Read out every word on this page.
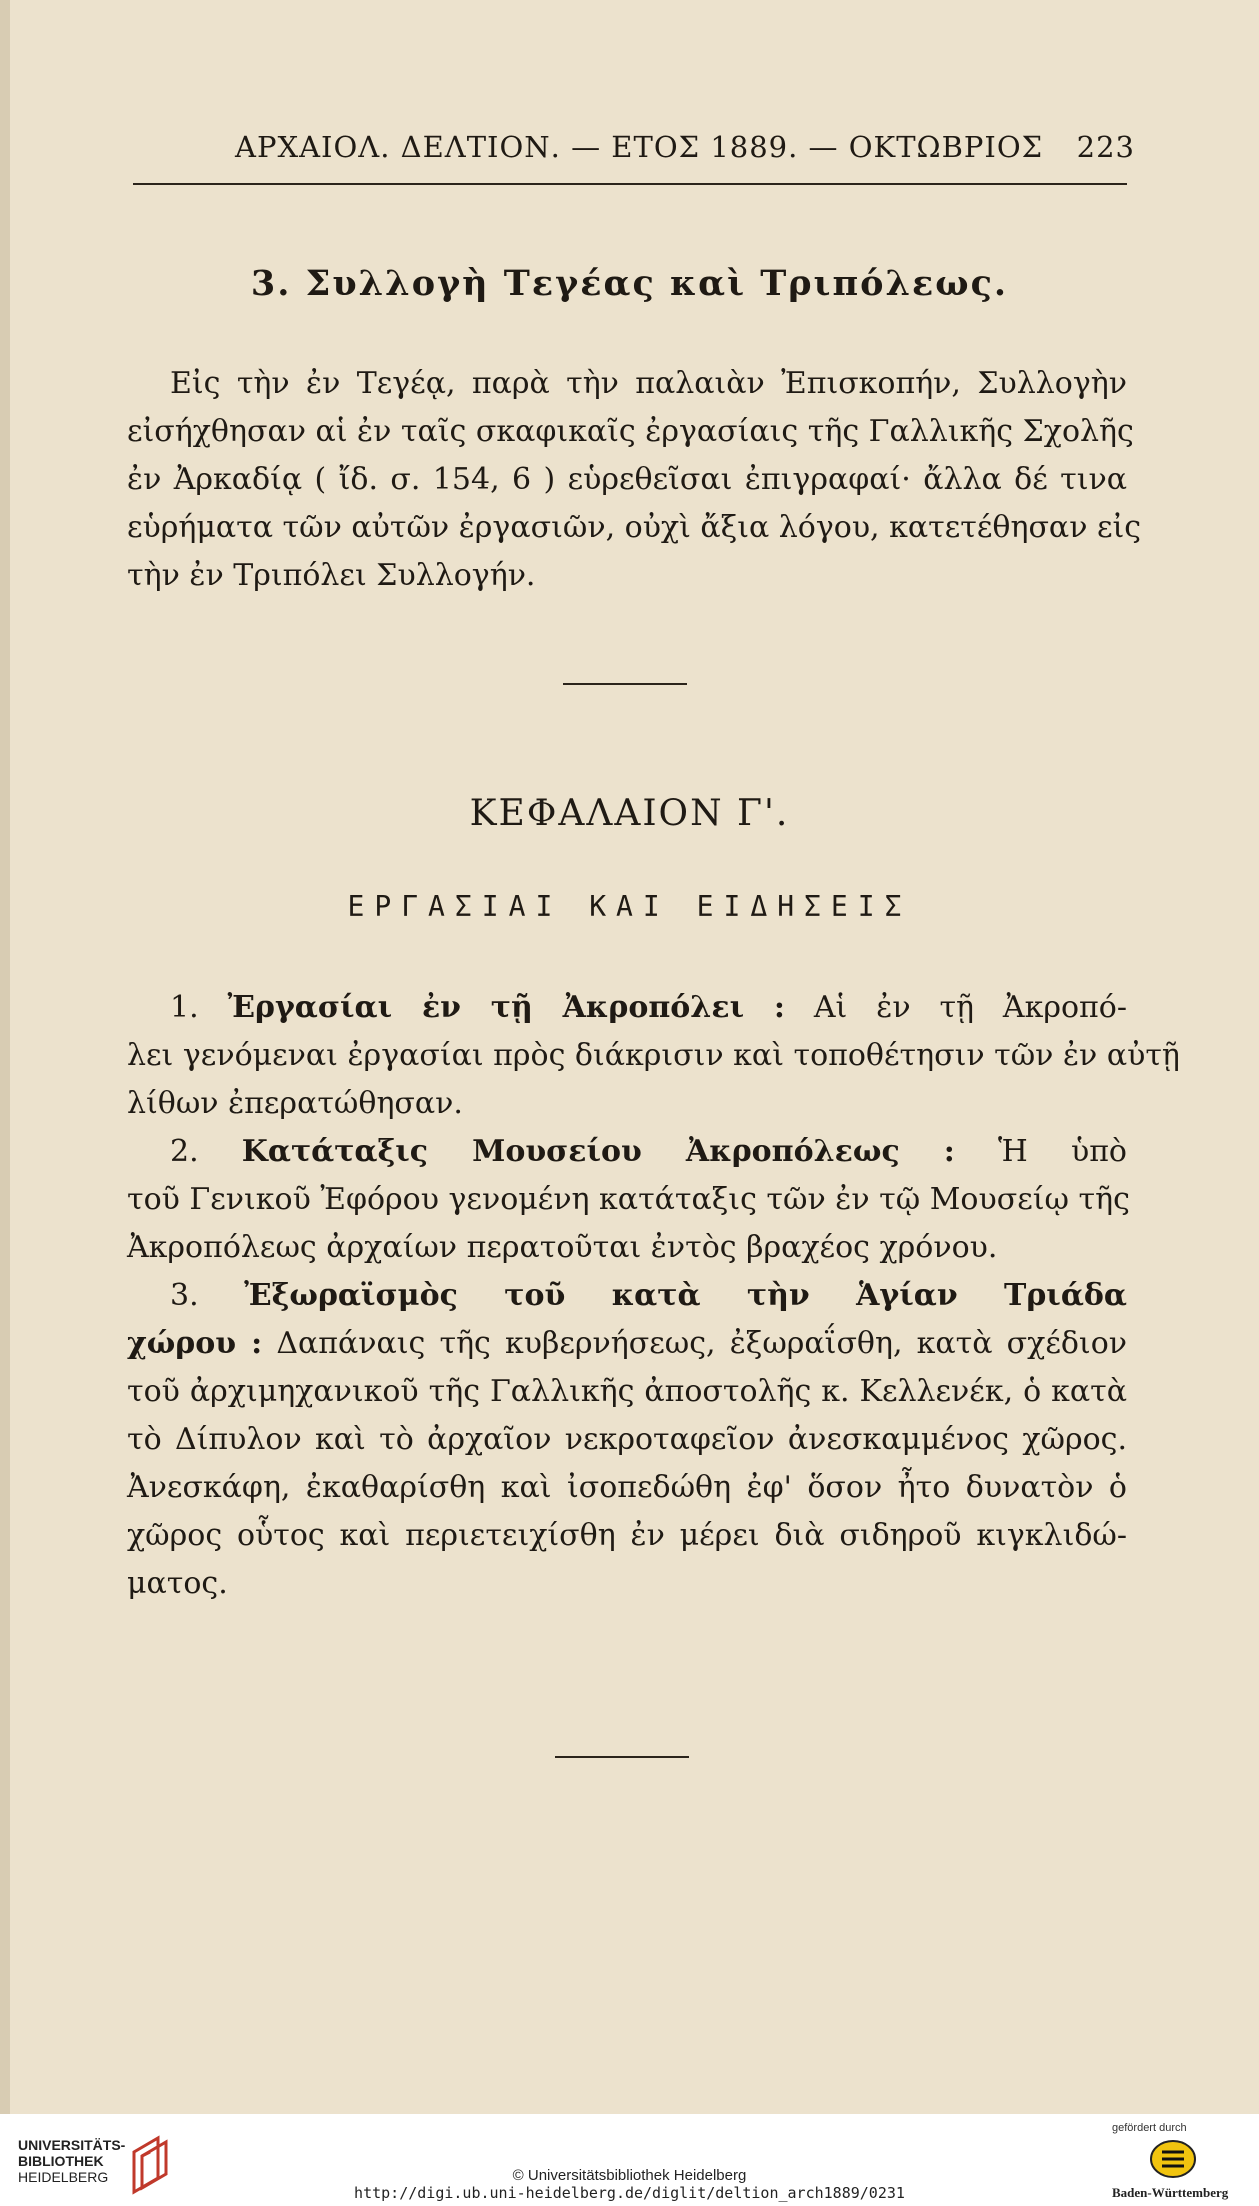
ΑΡΧΑΙΟΛ. ΔΕΛΤΙΟΝ. — ΕΤΟΣ 1889. — ΟΚΤΩΒΡΙΟΣ 223
3. Συλλογὴ Τεγέας καὶ Τριπόλεως.
Εἰς τὴν ἐν Τεγέᾳ, παρὰ τὴν παλαιὰν Ἐπισκοπήν, Συλλογὴν
εἰσήχθησαν αἱ ἐν ταῖς σκαφικαῖς ἐργασίαις τῆς Γαλλικῆς Σχολῆς
ἐν Ἀρκαδίᾳ ( ἴδ. σ. 154, 6 ) εὑρεθεῖσαι ἐπιγραφαί· ἄλλα δέ τινα
εὑρήματα τῶν αὐτῶν ἐργασιῶν, οὐχὶ ἄξια λόγου, κατετέθησαν εἰς
τὴν ἐν Τριπόλει Συλλογήν.
ΚΕΦΑΛΑΙΟΝ Γ'.
ΕΡΓΑΣΙΑΙ ΚΑΙ ΕΙΔΗΣΕΙΣ
1. Ἐργασίαι ἐν τῇ Ἀκροπόλει : Αἱ ἐν τῇ Ἀκροπό-
λει γενόμεναι ἐργασίαι πρὸς διάκρισιν καὶ τοποθέτησιν τῶν ἐν αὐτῇ
λίθων ἐπερατώθησαν.
2. Κατάταξις Μουσείου Ἀκροπόλεως : Ἡ ὑπὸ
τοῦ Γενικοῦ Ἐφόρου γενομένη κατάταξις τῶν ἐν τῷ Μουσείῳ τῆς
Ἀκροπόλεως ἀρχαίων περατοῦται ἐντὸς βραχέος χρόνου.
3. Ἐξωραϊσμὸς τοῦ κατὰ τὴν Ἁγίαν Τριάδα
χώρου : Δαπάναις τῆς κυβερνήσεως, ἐξωραΐσθη, κατὰ σχέδιον
τοῦ ἀρχιμηχανικοῦ τῆς Γαλλικῆς ἀποστολῆς κ. Κελλενέκ, ὁ κατὰ
τὸ Δίπυλον καὶ τὸ ἀρχαῖον νεκροταφεῖον ἀνεσκαμμένος χῶρος.
Ἀνεσκάφη, ἐκαθαρίσθη καὶ ἰσοπεδώθη ἐφ' ὅσον ἦτο δυνατὸν ὁ
χῶρος οὗτος καὶ περιετειχίσθη ἐν μέρει διὰ σιδηροῦ κιγκλιδώ-
ματος.
UNIVERSITÄTS-
BIBLIOTHEK
HEIDELBERG	© Universitätsbibliothek Heidelberg
http://digi.ub.uni-heidelberg.de/diglit/deltion_arch1889/0231
gefördert durch
Baden-Württemberg
